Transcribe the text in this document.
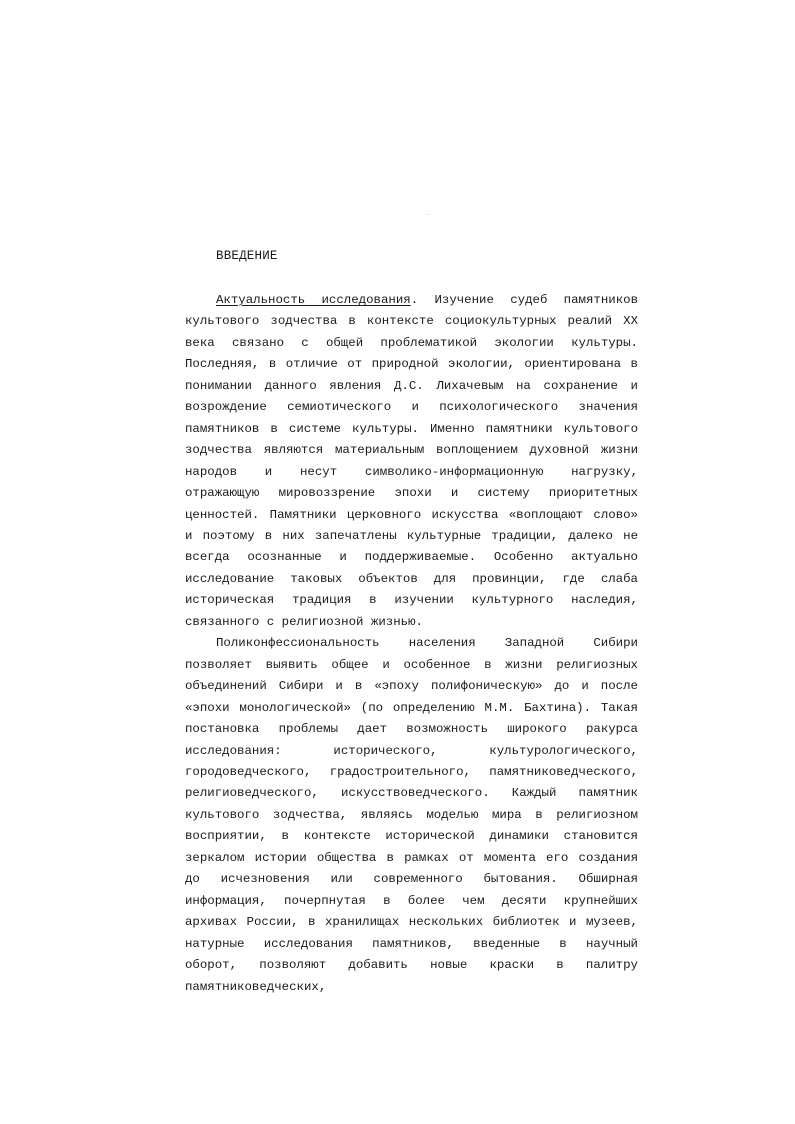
ВВЕДЕНИЕ

Актуальность исследования. Изучение судеб памятников культового зодчества в контексте социокультурных реалий XX века связано с общей проблематикой экологии культуры. Последняя, в отличие от природной экологии, ориентирована в понимании данного явления Д.С. Лихачевым на сохранение и возрождение семиотического и психологического значения памятников в системе культуры. Именно памятники культового зодчества являются материальным воплощением духовной жизни народов и несут символико-информационную нагрузку, отражающую мировоззрение эпохи и систему приоритетных ценностей. Памятники церковного искусства «воплощают слово» и поэтому в них запечатлены культурные традиции, далеко не всегда осознанные и поддерживаемые. Особенно актуально исследование таковых объектов для провинции, где слаба историческая традиция в изучении культурного наследия, связанного с религиозной жизнью.

Поликонфессиональность населения Западной Сибири позволяет выявить общее и особенное в жизни религиозных объединений Сибири и в «эпоху полифоническую» до и после «эпохи монологической» (по определению М.М. Бахтина). Такая постановка проблемы дает возможность широкого ракурса исследования: исторического, культурологического, городоведческого, градостроительного, памятниковедческого, религиоведческого, искусствоведческого. Каждый памятник культового зодчества, являясь моделью мира в религиозном восприятии, в контексте исторической динамики становится зеркалом истории общества в рамках от момента его создания до исчезновения или современного бытования. Обширная информация, почерпнутая в более чем десяти крупнейших архивах России, в хранилищах нескольких библиотек и музеев, натурные исследования памятников, введенные в научный оборот, позволяют добавить новые краски в палитру памятниковедческих,
